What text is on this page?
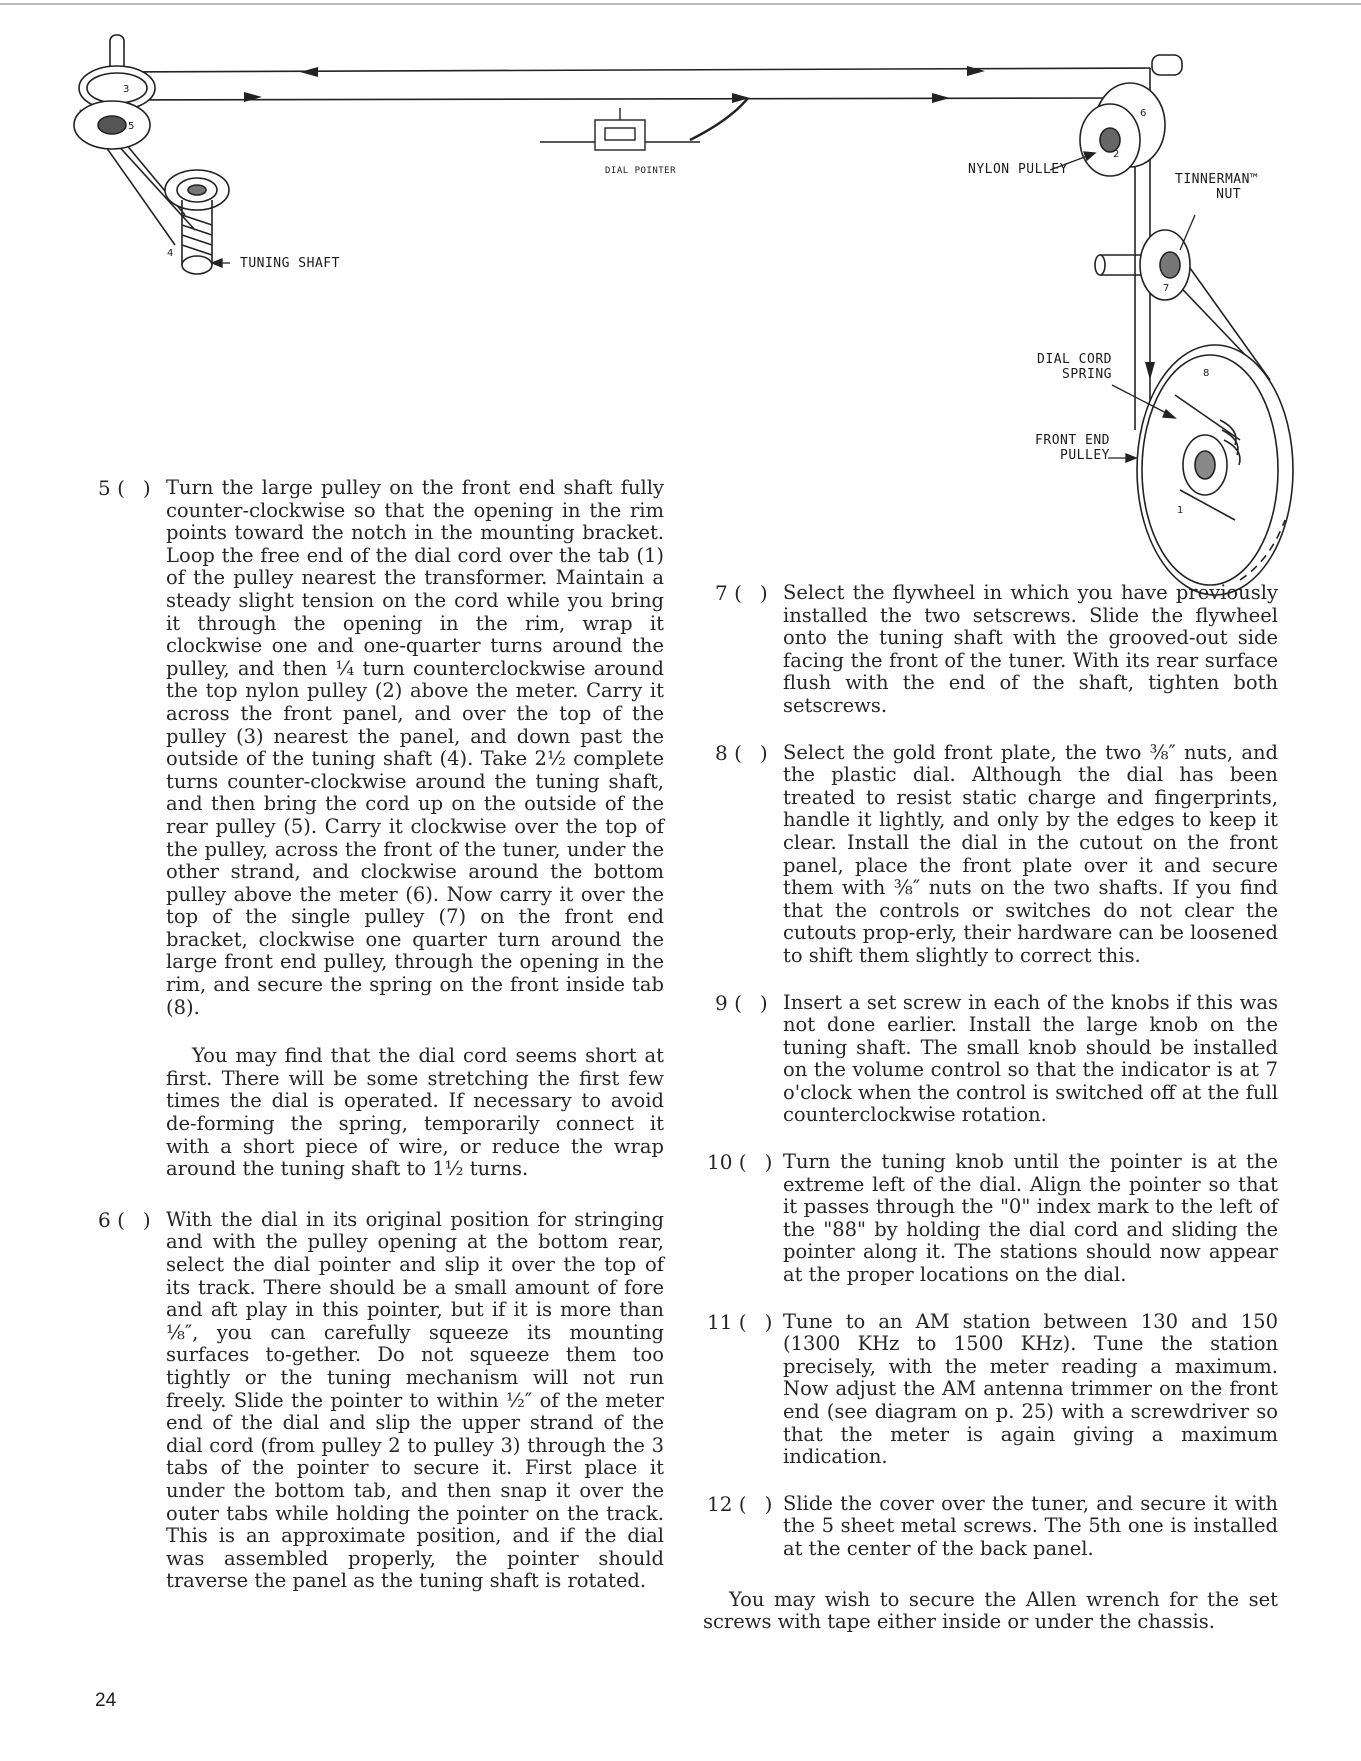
TUNING SHAFT
DIAL POINTER	NYLON PULLEY
TINNERMAN™
NUT
DIAL CORD
SPRING
FRONT END
PULLEY
1
2
3
4
5
6
7
8
5 ( ) Turn the large pulley on the front end shaft fully counter-clockwise so that the opening in the rim points toward the notch in the mounting bracket. Loop the free end of the dial cord over the tab (1) of the pulley nearest the transformer. Maintain a steady slight tension on the cord while you bring it through the opening in the rim, wrap it clockwise one and one-quarter turns around the pulley, and then ¼ turn counterclockwise around the top nylon pulley (2) above the meter. Carry it across the front panel, and over the top of the pulley (3) nearest the panel, and down past the outside of the tuning shaft (4). Take 2½ complete turns counter-clockwise around the tuning shaft, and then bring the cord up on the outside of the rear pulley (5). Carry it clockwise over the top of the pulley, across the front of the tuner, under the other strand, and clockwise around the bottom pulley above the meter (6). Now carry it over the top of the single pulley (7) on the front end bracket, clockwise one quarter turn around the large front end pulley, through the opening in the rim, and secure the spring on the front inside tab (8).
You may find that the dial cord seems short at first. There will be some stretching the first few times the dial is operated. If necessary to avoid de-forming the spring, temporarily connect it with a short piece of wire, or reduce the wrap around the tuning shaft to 1½ turns.
6 ( ) With the dial in its original position for stringing and with the pulley opening at the bottom rear, select the dial pointer and slip it over the top of its track. There should be a small amount of fore and aft play in this pointer, but if it is more than ⅛″, you can carefully squeeze its mounting surfaces to-gether. Do not squeeze them too tightly or the tuning mechanism will not run freely. Slide the pointer to within ½″ of the meter end of the dial and slip the upper strand of the dial cord (from pulley 2 to pulley 3) through the 3 tabs of the pointer to secure it. First place it under the bottom tab, and then snap it over the outer tabs while holding the pointer on the track. This is an approximate position, and if the dial was assembled properly, the pointer should traverse the panel as the tuning shaft is rotated.
7 ( ) Select the flywheel in which you have previously installed the two setscrews. Slide the flywheel onto the tuning shaft with the grooved-out side facing the front of the tuner. With its rear surface flush with the end of the shaft, tighten both setscrews.
8 ( ) Select the gold front plate, the two ⅜″ nuts, and the plastic dial. Although the dial has been treated to resist static charge and fingerprints, handle it lightly, and only by the edges to keep it clear. Install the dial in the cutout on the front panel, place the front plate over it and secure them with ⅜″ nuts on the two shafts. If you find that the controls or switches do not clear the cutouts prop-erly, their hardware can be loosened to shift them slightly to correct this.
9 ( ) Insert a set screw in each of the knobs if this was not done earlier. Install the large knob on the tuning shaft. The small knob should be installed on the volume control so that the indicator is at 7 o'clock when the control is switched off at the full counterclockwise rotation.
10 ( ) Turn the tuning knob until the pointer is at the extreme left of the dial. Align the pointer so that it passes through the "0" index mark to the left of the "88" by holding the dial cord and sliding the pointer along it. The stations should now appear at the proper locations on the dial.
11 ( ) Tune to an AM station between 130 and 150 (1300 KHz to 1500 KHz). Tune the station precisely, with the meter reading a maximum. Now adjust the AM antenna trimmer on the front end (see diagram on p. 25) with a screwdriver so that the meter is again giving a maximum indication.
12 ( ) Slide the cover over the tuner, and secure it with the 5 sheet metal screws. The 5th one is installed at the center of the back panel.
You may wish to secure the Allen wrench for the set screws with tape either inside or under the chassis.
24
